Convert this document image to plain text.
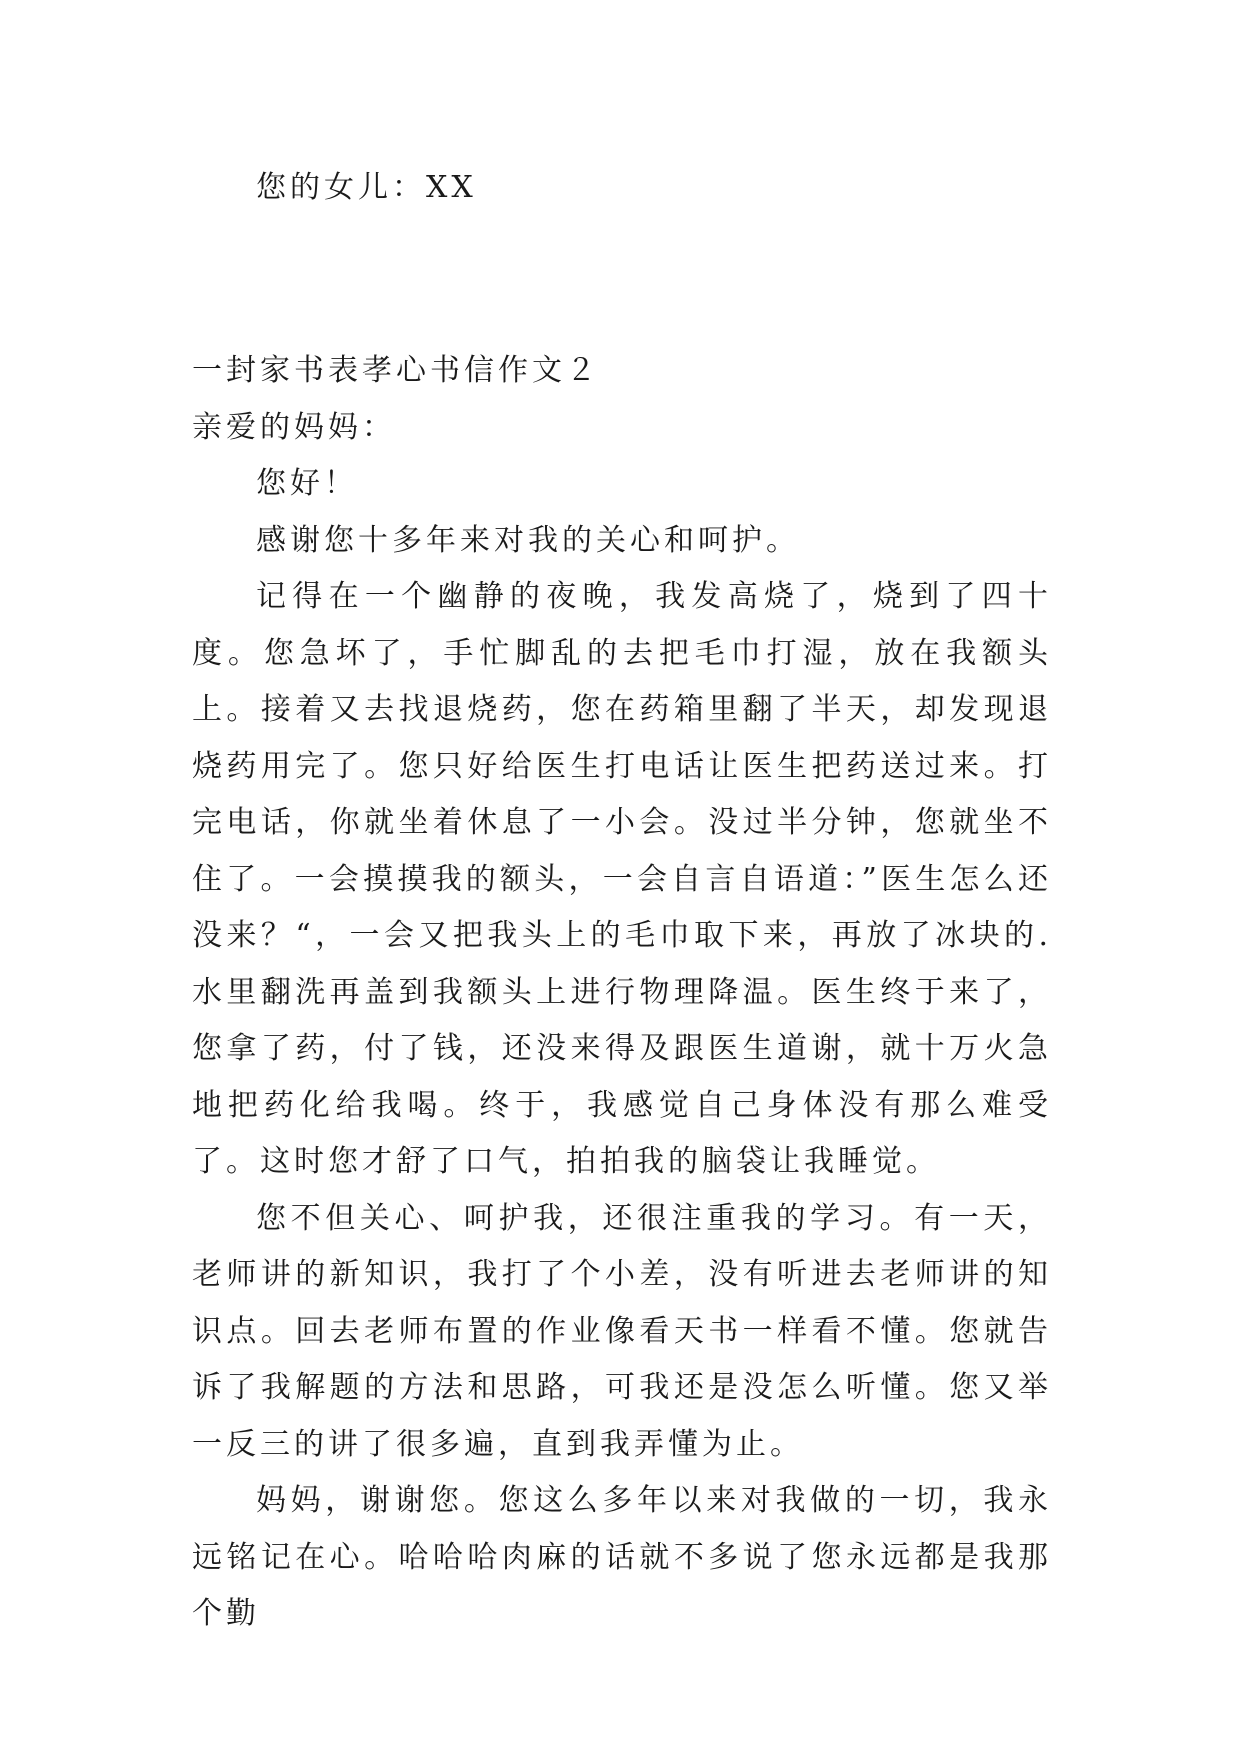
您的女儿：XX

一封家书表孝心书信作文２

亲爱的妈妈：

您好！

感谢您十多年来对我的关心和呵护。

记得在一个幽静的夜晚，我发高烧了，烧到了四十度。您急坏了，手忙脚乱的去把毛巾打湿，放在我额头上。接着又去找退烧药，您在药箱里翻了半天，却发现退烧药用完了。您只好给医生打电话让医生把药送过来。打完电话，你就坐着休息了一小会。没过半分钟，您就坐不住了。一会摸摸我的额头，一会自言自语道：”医生怎么还没来？“，一会又把我头上的毛巾取下来，再放了冰块的.水里翻洗再盖到我额头上进行物理降温。医生终于来了，您拿了药，付了钱，还没来得及跟医生道谢，就十万火急地把药化给我喝。终于，我感觉自己身体没有那么难受了。这时您才舒了口气，拍拍我的脑袋让我睡觉。

您不但关心、呵护我，还很注重我的学习。有一天，老师讲的新知识，我打了个小差，没有听进去老师讲的知识点。回去老师布置的作业像看天书一样看不懂。您就告诉了我解题的方法和思路，可我还是没怎么听懂。您又举一反三的讲了很多遍，直到我弄懂为止。

妈妈，谢谢您。您这么多年以来对我做的一切，我永远铭记在心。哈哈哈肉麻的话就不多说了您永远都是我那个勤
